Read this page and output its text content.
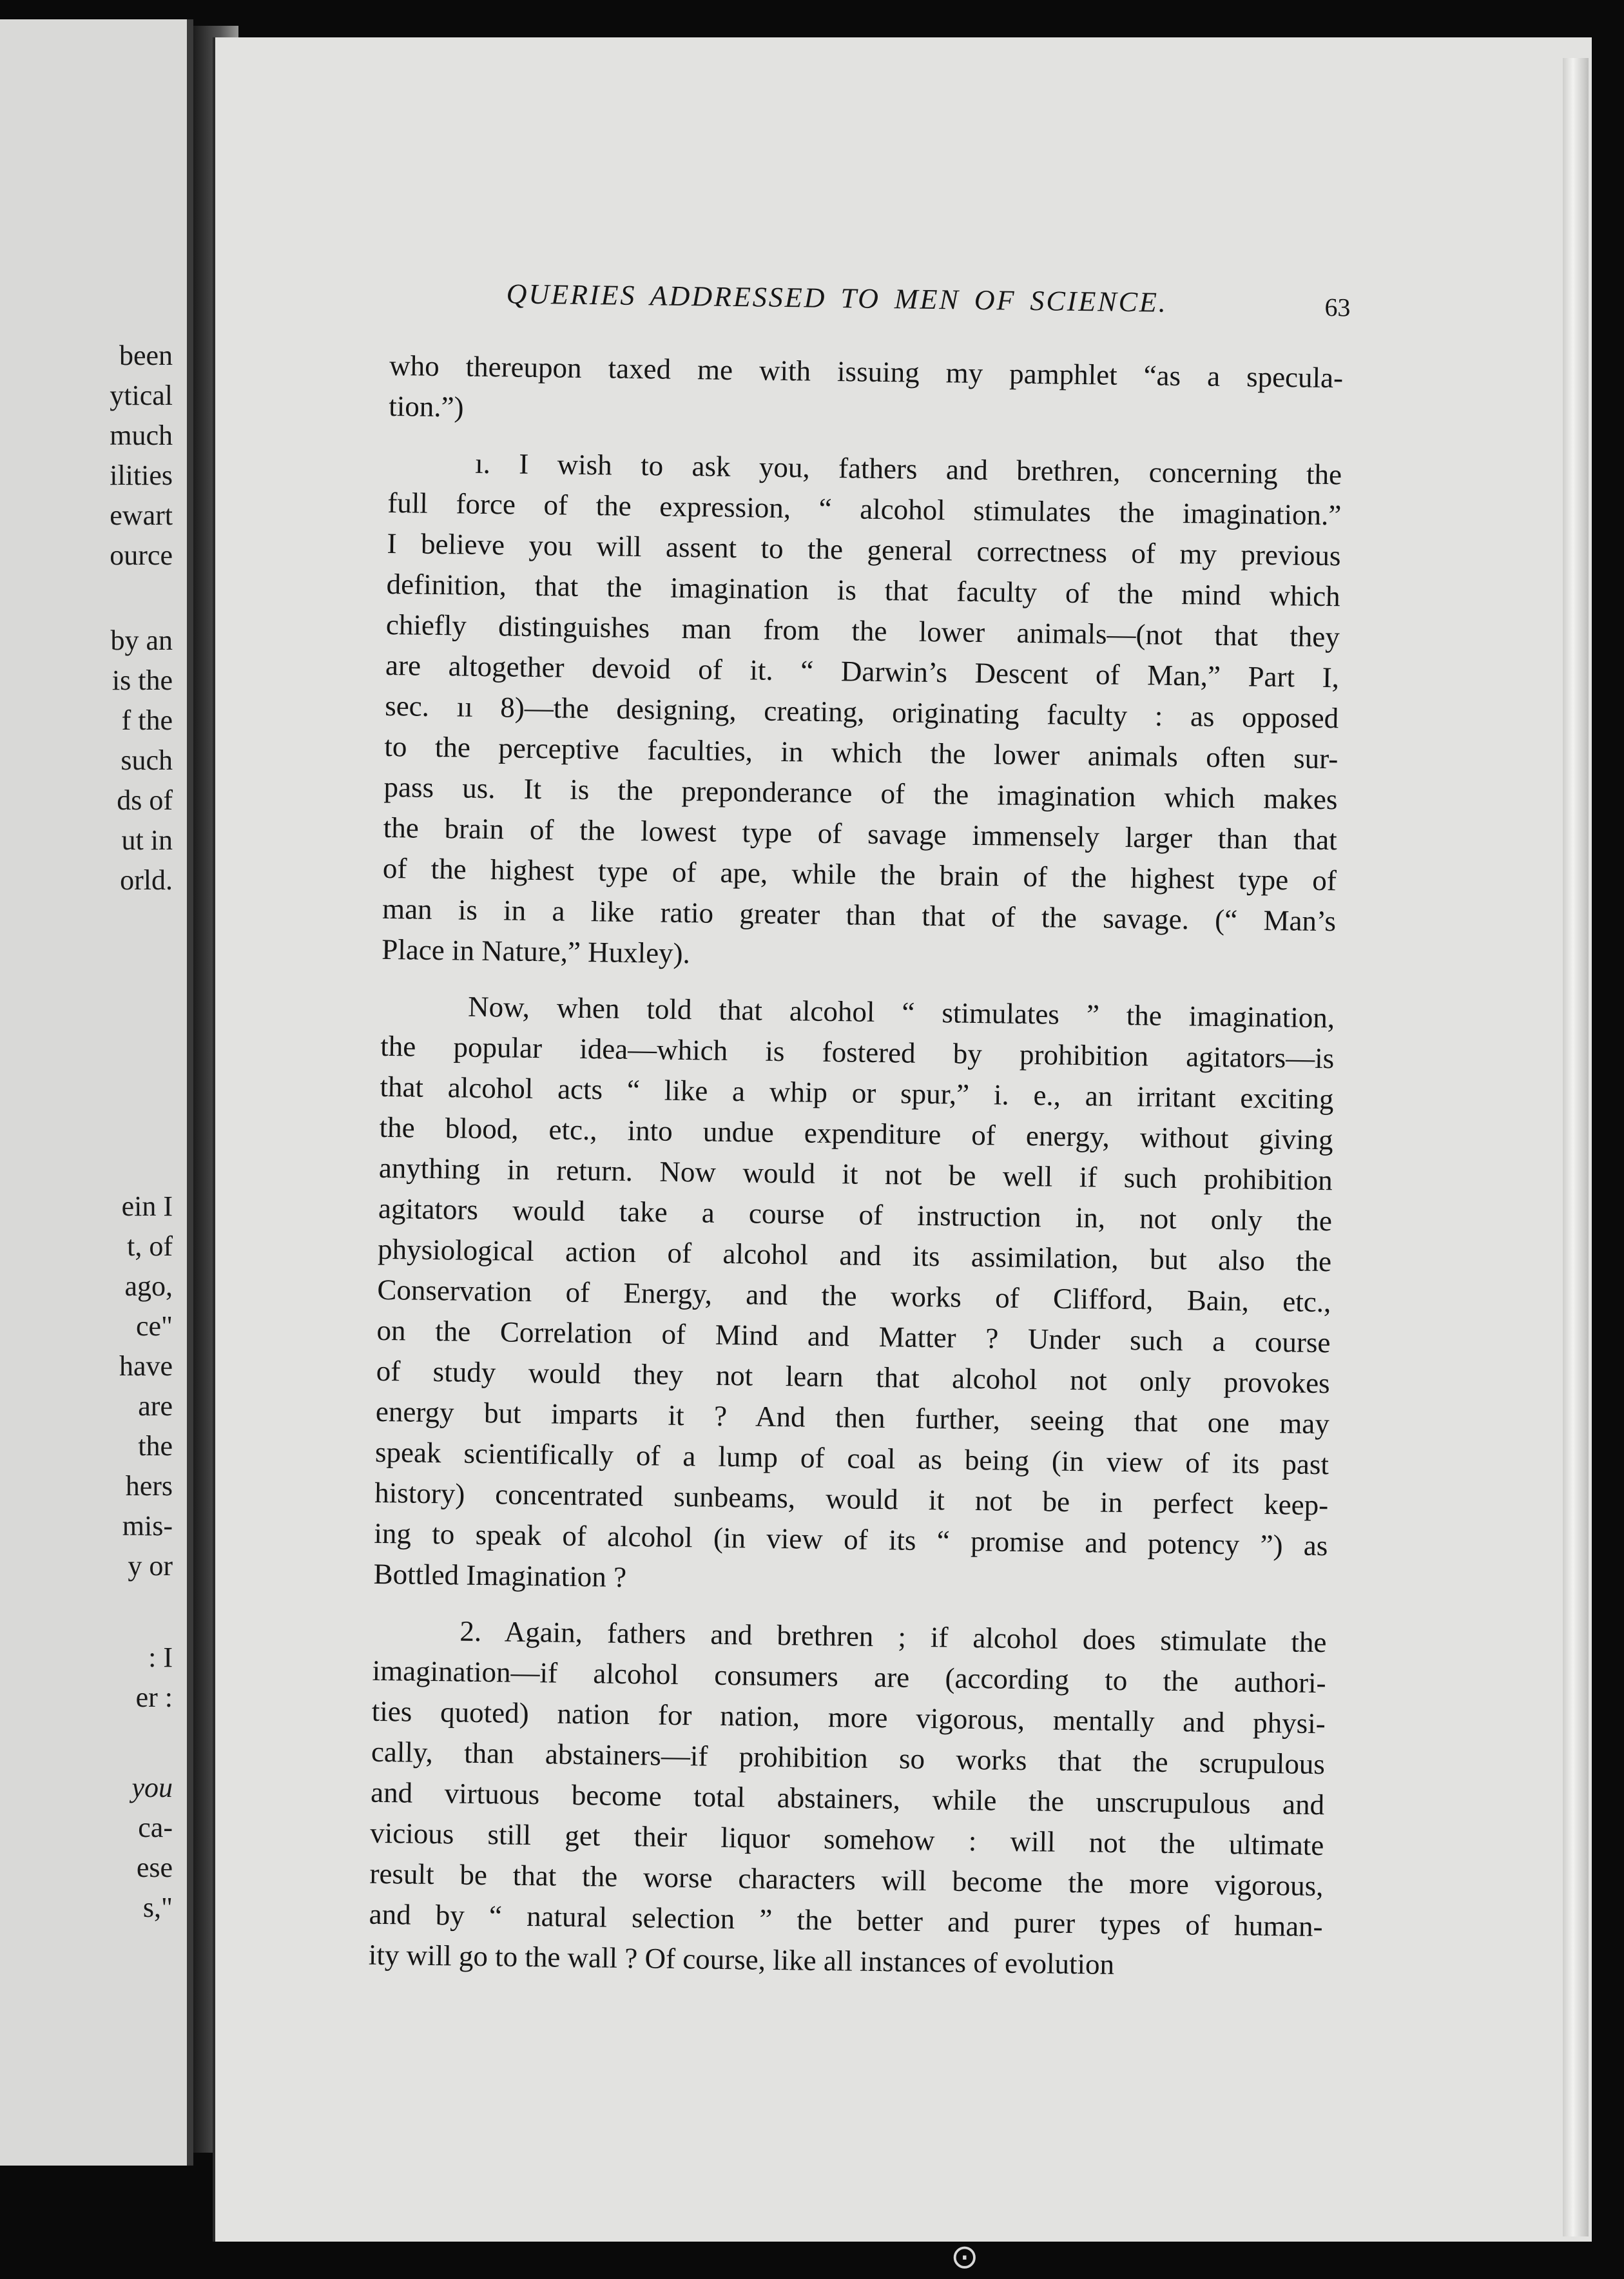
been
ytical
much
ilities
ewart
ource
by an
is the
f the
such
ds of
ut in
orld.
ein I
t, of
ago,
ce"
have
are
the
hers
mis-
y or
: I
er :
you
ca-
ese
s,"
QUERIES ADDRESSED TO MEN OF SCIENCE.	63

who thereupon taxed me with issuing my pamphlet “as a specula-
tion.”)

   ı. I wish to ask you, fathers and brethren, concerning the
full force of the expression, “ alcohol stimulates the imagination.”
I believe you will assent to the general correctness of my previous
definition, that the imagination is that faculty of the mind which
chiefly distinguishes man from the lower animals—(not that they
are altogether devoid of it. “ Darwin’s Descent of Man,” Part I,
sec. ıı 8)—the designing, creating, originating faculty : as opposed
to the perceptive faculties, in which the lower animals often sur-
pass us. It is the preponderance of the imagination which makes
the brain of the lowest type of savage immensely larger than that
of the highest type of ape, while the brain of the highest type of
man is in a like ratio greater than that of the savage. (“ Man’s
Place in Nature,” Huxley).

   Now, when told that alcohol “ stimulates ” the imagination,
the popular idea—which is fostered by prohibition agitators—is
that alcohol acts “ like a whip or spur,” i. e., an irritant exciting
the blood, etc., into undue expenditure of energy, without giving
anything in return. Now would it not be well if such prohibition
agitators would take a course of instruction in, not only the
physiological action of alcohol and its assimilation, but also the
Conservation of Energy, and the works of Clifford, Bain, etc.,
on the Correlation of Mind and Matter ? Under such a course
of study would they not learn that alcohol not only provokes
energy but imparts it ? And then further, seeing that one may
speak scientifically of a lump of coal as being (in view of its past
history) concentrated sunbeams, would it not be in perfect keep-
ing to speak of alcohol (in view of its “ promise and potency ”) as
Bottled Imagination ?

   2. Again, fathers and brethren ; if alcohol does stimulate the
imagination—if alcohol consumers are (according to the authori-
ties quoted) nation for nation, more vigorous, mentally and physi-
cally, than abstainers—if prohibition so works that the scrupulous
and virtuous become total abstainers, while the unscrupulous and
vicious still get their liquor somehow : will not the ultimate
result be that the worse characters will become the more vigorous,
and by “ natural selection ” the better and purer types of human-
ity will go to the wall ? Of course, like all instances of evolution

⊙
